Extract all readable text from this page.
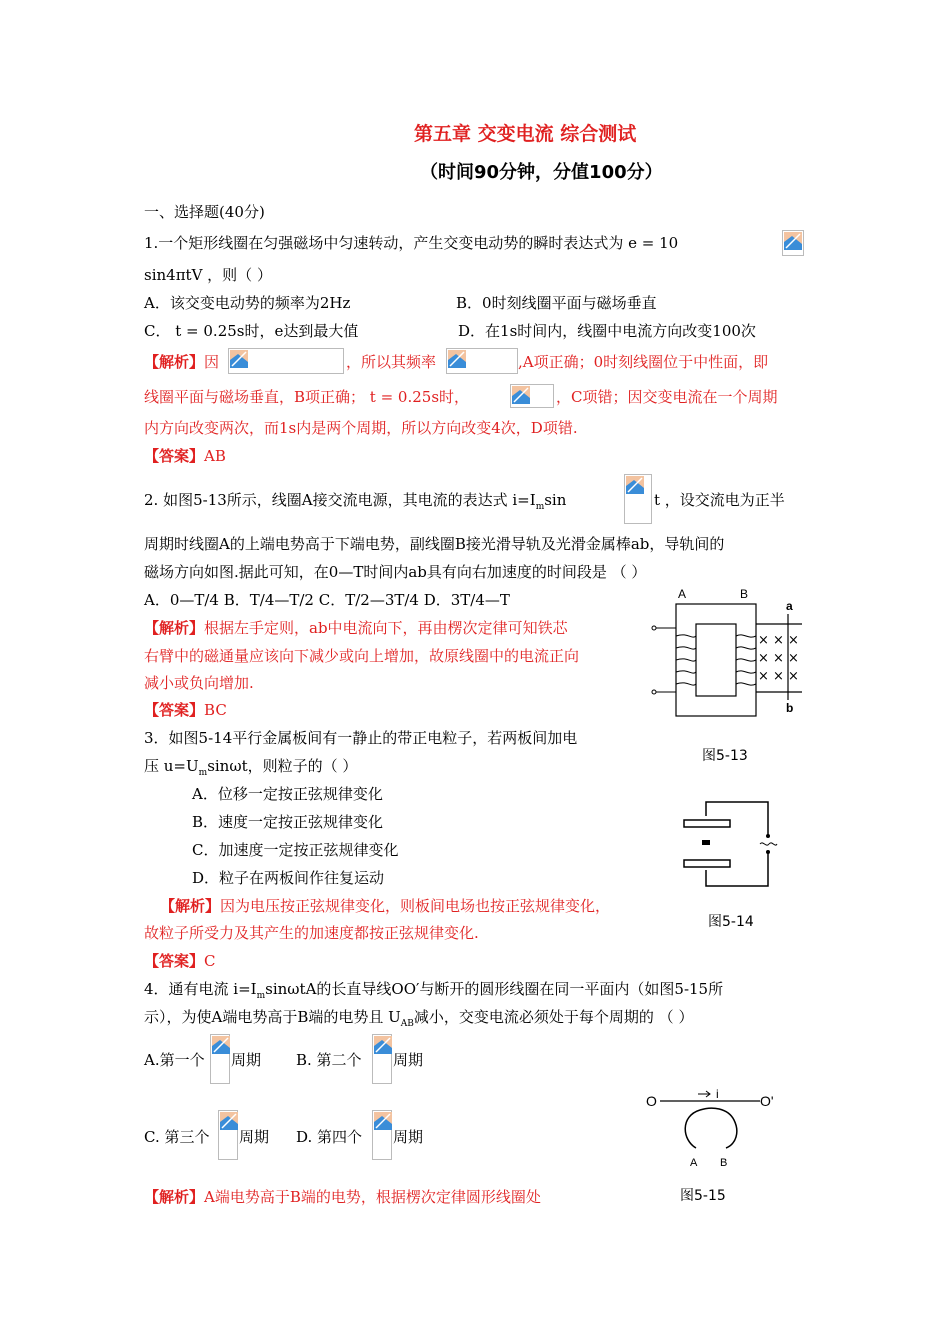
第五章 交变电流 综合测试
（时间90分钟，分值100分）
一、选择题(40分)
1.一个矩形线圈在匀强磁场中匀速转动，产生交变电动势的瞬时表达式为 e = 10
sin4πtV ，则（ ）
A．该交变电动势的频率为2Hz	B．0时刻线圈平面与磁场垂直
C． t = 0.25s时，e达到最大值	D．在1s时间内，线圈中电流方向改变100次
【解析】因	，所以其频率	,A项正确；0时刻线圈位于中性面，即
线圈平面与磁场垂直，B项正确； t = 0.25s时，	，C项错；因交变电流在一个周期
内方向改变两次，而1s内是两个周期，所以方向改变4次，D项错.
【答案】AB
2. 如图5-13所示，线圈A接交流电源，其电流的表达式 $i=I_m\sin$	t ，设交流电为正半
周期时线圈A的上端电势高于下端电势，副线圈B接光滑导轨及光滑金属棒ab，导轨间的
磁场方向如图.据此可知，在0—T时间内ab具有向右加速度的时间段是 （ ）
A．0—T/4 B．T/4—T/2 C．T/2—3T/4 D．3T/4—T
【解析】根据左手定则，ab中电流向下，再由楞次定律可知铁芯
右臂中的磁通量应该向下减少或向上增加，故原线圈中的电流正向
减小或负向增加.
【答案】BC
A	B
a
b
× × ×
× × ×
× × ×
图5-13
3．如图5-14平行金属板间有一静止的带正电粒子，若两板间加电
压 $u=U_m\sin\omega t$，则粒子的（ ）
A．位移一定按正弦规律变化
B．速度一定按正弦规律变化
C．加速度一定按正弦规律变化
D．粒子在两板间作往复运动
【解析】因为电压按正弦规律变化，则板间电场也按正弦规律变化，
故粒子所受力及其产生的加速度都按正弦规律变化.
【答案】C
图5-14
4．通有电流 $i=I_m\sin\omega tA$的长直导线OO′与断开的圆形线圈在同一平面内（如图5-15所
示），为使A端电势高于B端的电势且 $U_{AB}$减小，交变电流必须处于每个周期的 （ ）
A.第一个 周期 B. 第二个 周期
C. 第三个 周期 D. 第四个 周期
【解析】A端电势高于B端的电势，根据楞次定律圆形线圈处
O	O'
i
A B
图5-15
